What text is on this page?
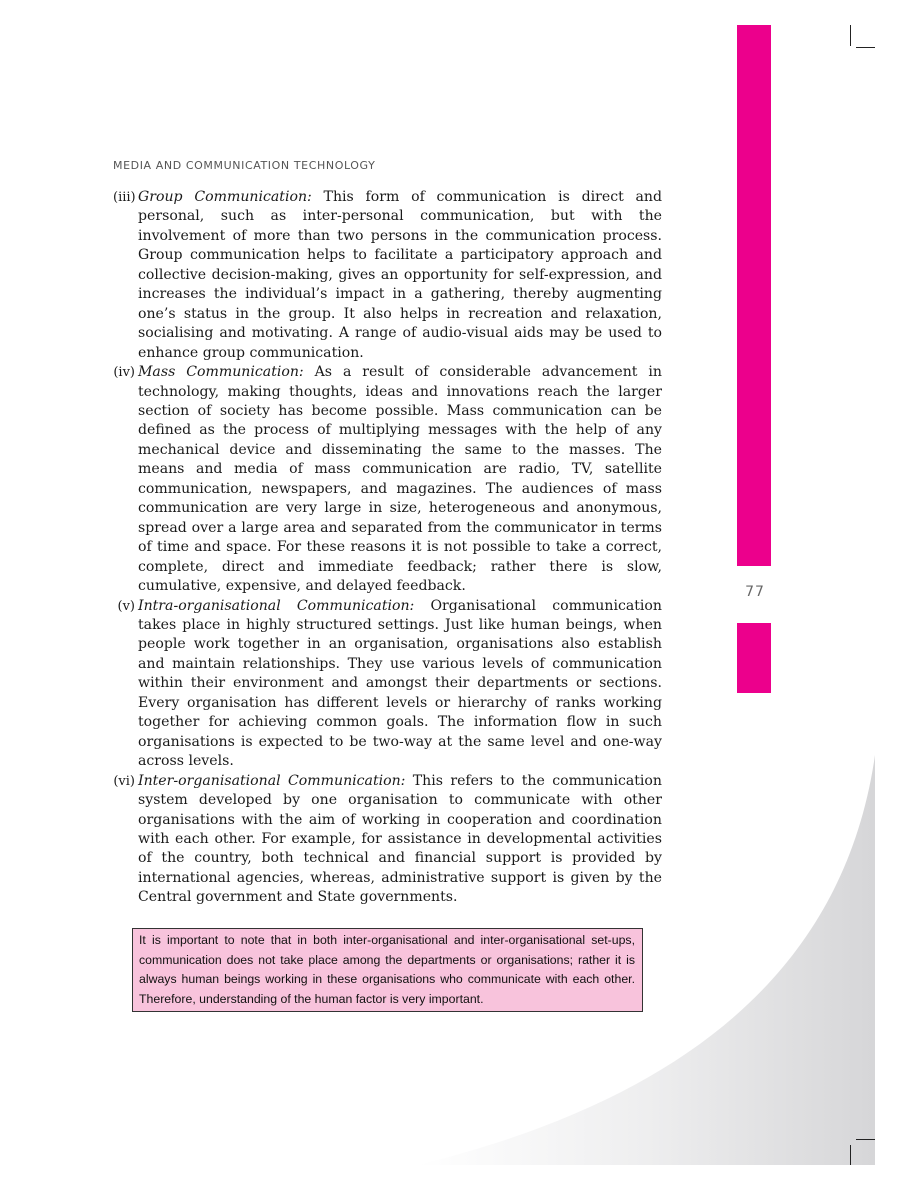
77
MEDIA AND COMMUNICATION TECHNOLOGY
(iii) Group Communication: This form of communication is direct and personal, such as inter-personal communication, but with the involvement of more than two persons in the communication process. Group communication helps to facilitate a participatory approach and collective decision-making, gives an opportunity for self-expression, and increases the individual’s impact in a gathering, thereby augmenting one’s status in the group. It also helps in recreation and relaxation, socialising and motivating. A range of audio-visual aids may be used to enhance group communication.
(iv) Mass Communication: As a result of considerable advancement in technology, making thoughts, ideas and innovations reach the larger section of society has become possible. Mass communication can be defined as the process of multiplying messages with the help of any mechanical device and disseminating the same to the masses. The means and media of mass communication are radio, TV, satellite communication, newspapers, and magazines. The audiences of mass communication are very large in size, heterogeneous and anonymous, spread over a large area and separated from the communicator in terms of time and space. For these reasons it is not possible to take a correct, complete, direct and immediate feedback; rather there is slow, cumulative, expensive, and delayed feedback.
(v) Intra-organisational Communication: Organisational communication takes place in highly structured settings. Just like human beings, when people work together in an organisation, organisations also establish and maintain relationships. They use various levels of communication within their environment and amongst their departments or sections. Every organisation has different levels or hierarchy of ranks working together for achieving common goals. The information flow in such organisations is expected to be two-way at the same level and one-way across levels.
(vi) Inter-organisational Communication: This refers to the communication system developed by one organisation to communicate with other organisations with the aim of working in cooperation and coordination with each other. For example, for assistance in developmental activities of the country, both technical and financial support is provided by international agencies, whereas, administrative support is given by the Central government and State governments.
It is important to note that in both inter-organisational and inter-organisational set-ups, communication does not take place among the departments or organisations; rather it is always human beings working in these organisations who communicate with each other. Therefore, understanding of the human factor is very important.
